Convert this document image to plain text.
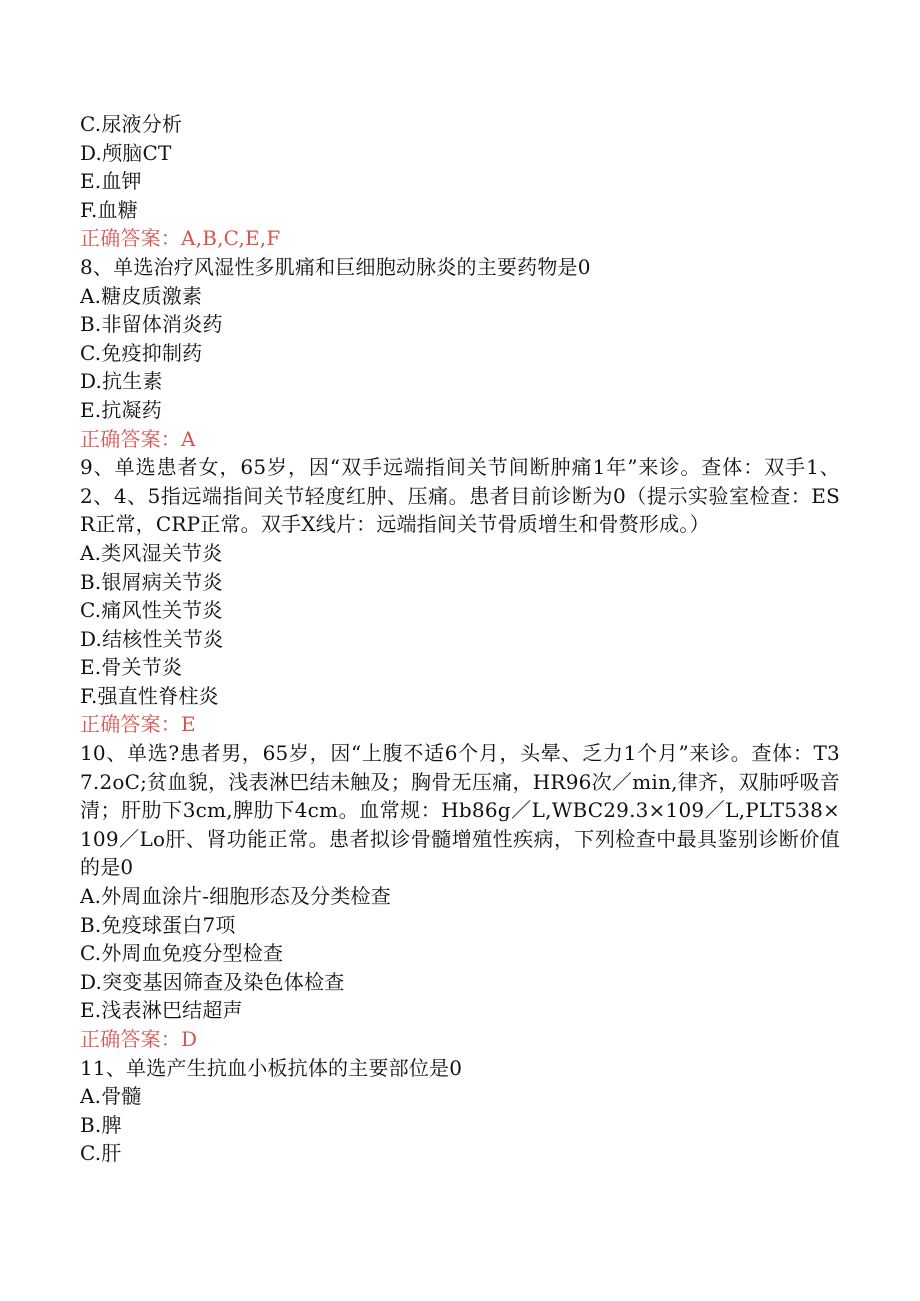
C.尿液分析
D.颅脑CT
E.血钾
F.血糖
正确答案：A,B,C,E,F
8、单选治疗风湿性多肌痛和巨细胞动脉炎的主要药物是0
A.糖皮质激素
B.非留体消炎药
C.免疫抑制药
D.抗生素
E.抗凝药
正确答案：A
9、单选患者女，65岁，因“双手远端指间关节间断肿痛1年”来诊。查体：双手1、2、4、5指远端指间关节轻度红肿、压痛。患者目前诊断为0（提示实验室检查：ESR正常，CRP正常。双手X线片：远端指间关节骨质增生和骨赘形成。）
A.类风湿关节炎
B.银屑病关节炎
C.痛风性关节炎
D.结核性关节炎
E.骨关节炎
F.强直性脊柱炎
正确答案：E
10、单选?患者男，65岁，因“上腹不适6个月，头晕、乏力1个月”来诊。查体：T37.2oC;贫血貌，浅表淋巴结未触及；胸骨无压痛，HR96次／min,律齐，双肺呼吸音清；肝肋下3cm,脾肋下4cm。血常规：Hb86g／L,WBC29.3×109／L,PLT538×109／Lo肝、肾功能正常。患者拟诊骨髓增殖性疾病，下列检查中最具鉴别诊断价值的是0
A.外周血涂片-细胞形态及分类检查
B.免疫球蛋白7项
C.外周血免疫分型检查
D.突变基因筛查及染色体检查
E.浅表淋巴结超声
正确答案：D
11、单选产生抗血小板抗体的主要部位是0
A.骨髓
B.脾
C.肝
